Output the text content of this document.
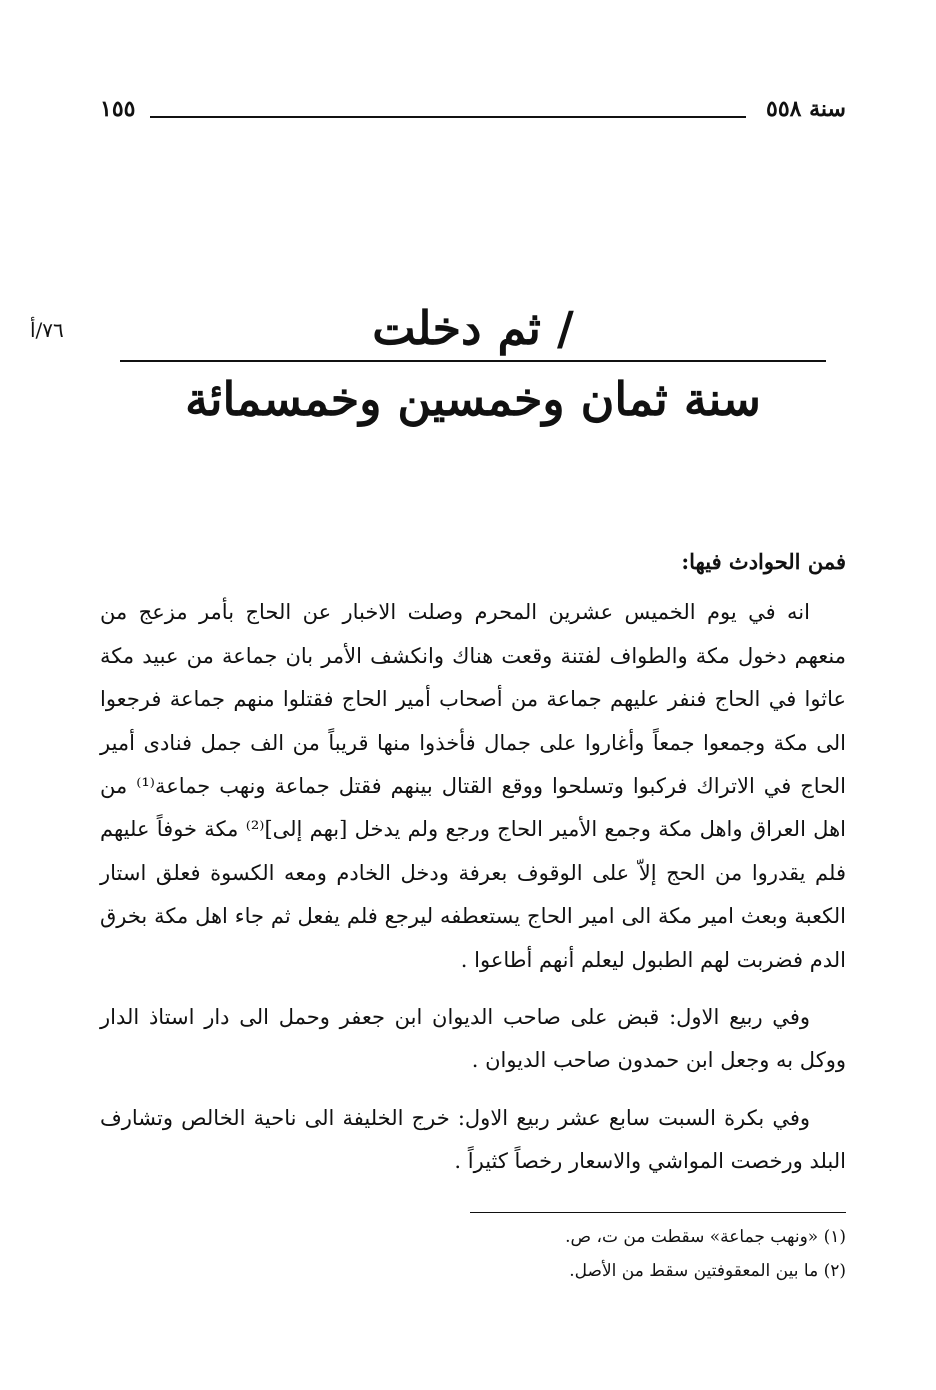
سنة ٥٥٨
١٥٥
٧٦/أ	/ ثم دخلت
سنة ثمان وخمسين وخمسمائة

فمن الحوادث فيها:

انه في يوم الخميس عشرين المحرم وصلت الاخبار عن الحاج بأمر مزعج من منعهم دخول مكة والطواف لفتنة وقعت هناك وانكشف الأمر بان جماعة من عبيد مكة عاثوا في الحاج فنفر عليهم جماعة من أصحاب أمير الحاج فقتلوا منهم جماعة فرجعوا الى مكة وجمعوا جمعاً وأغاروا على جمال فأخذوا منها قريباً من الف جمل فنادى أمير الحاج في الاتراك فركبوا وتسلحوا ووقع القتال بينهم فقتل جماعة ونهب جماعة⁽¹⁾ من اهل العراق واهل مكة وجمع الأمير الحاج ورجع ولم يدخل [بهم إلى]⁽²⁾ مكة خوفاً عليهم فلم يقدروا من الحج إلاّ على الوقوف بعرفة ودخل الخادم ومعه الكسوة فعلق استار الكعبة وبعث امير مكة الى امير الحاج يستعطفه ليرجع فلم يفعل ثم جاء اهل مكة بخرق الدم فضربت لهم الطبول ليعلم أنهم أطاعوا .

وفي ربيع الاول: قبض على صاحب الديوان ابن جعفر وحمل الى دار استاذ الدار ووكل به وجعل ابن حمدون صاحب الديوان .

وفي بكرة السبت سابع عشر ربيع الاول: خرج الخليفة الى ناحية الخالص وتشارف البلد ورخصت المواشي والاسعار رخصاً كثيراً .

(١) «ونهب جماعة» سقطت من ت، ص.
(٢) ما بين المعقوفتين سقط من الأصل.
